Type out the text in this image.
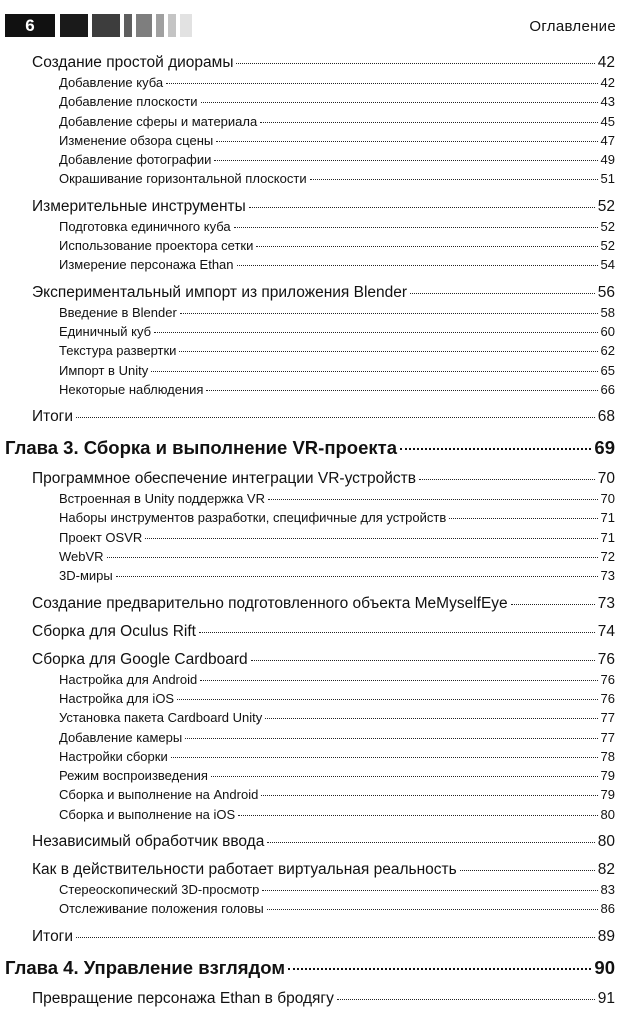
6	Оглавление
Создание простой диорамы	42
Добавление куба	42
Добавление плоскости	43
Добавление сферы и материала	45
Изменение обзора сцены	47
Добавление фотографии	49
Окрашивание горизонтальной плоскости	51
Измерительные инструменты	52
Подготовка единичного куба	52
Использование проектора сетки	52
Измерение персонажа Ethan	54
Экспериментальный импорт из приложения Blender	56
Введение в Blender	58
Единичный куб	60
Текстура развертки	62
Импорт в Unity	65
Некоторые наблюдения	66
Итоги	68
Глава 3. Сборка и выполнение VR-проекта	69
Программное обеспечение интеграции VR-устройств	70
Встроенная в Unity поддержка VR	70
Наборы инструментов разработки, специфичные для устройств	71
Проект OSVR	71
WebVR	72
3D-миры	73
Создание предварительно подготовленного объекта MeMyselfEye	73
Сборка для Oculus Rift	74
Сборка для Google Cardboard	76
Настройка для Android	76
Настройка для iOS	76
Установка пакета Cardboard Unity	77
Добавление камеры	77
Настройки сборки	78
Режим воспроизведения	79
Сборка и выполнение на Android	79
Сборка и выполнение на iOS	80
Независимый обработчик ввода	80
Как в действительности работает виртуальная реальность	82
Стереоскопический 3D-просмотр	83
Отслеживание положения головы	86
Итоги	89
Глава 4. Управление взглядом	90
Превращение персонажа Ethan в бродягу	91
